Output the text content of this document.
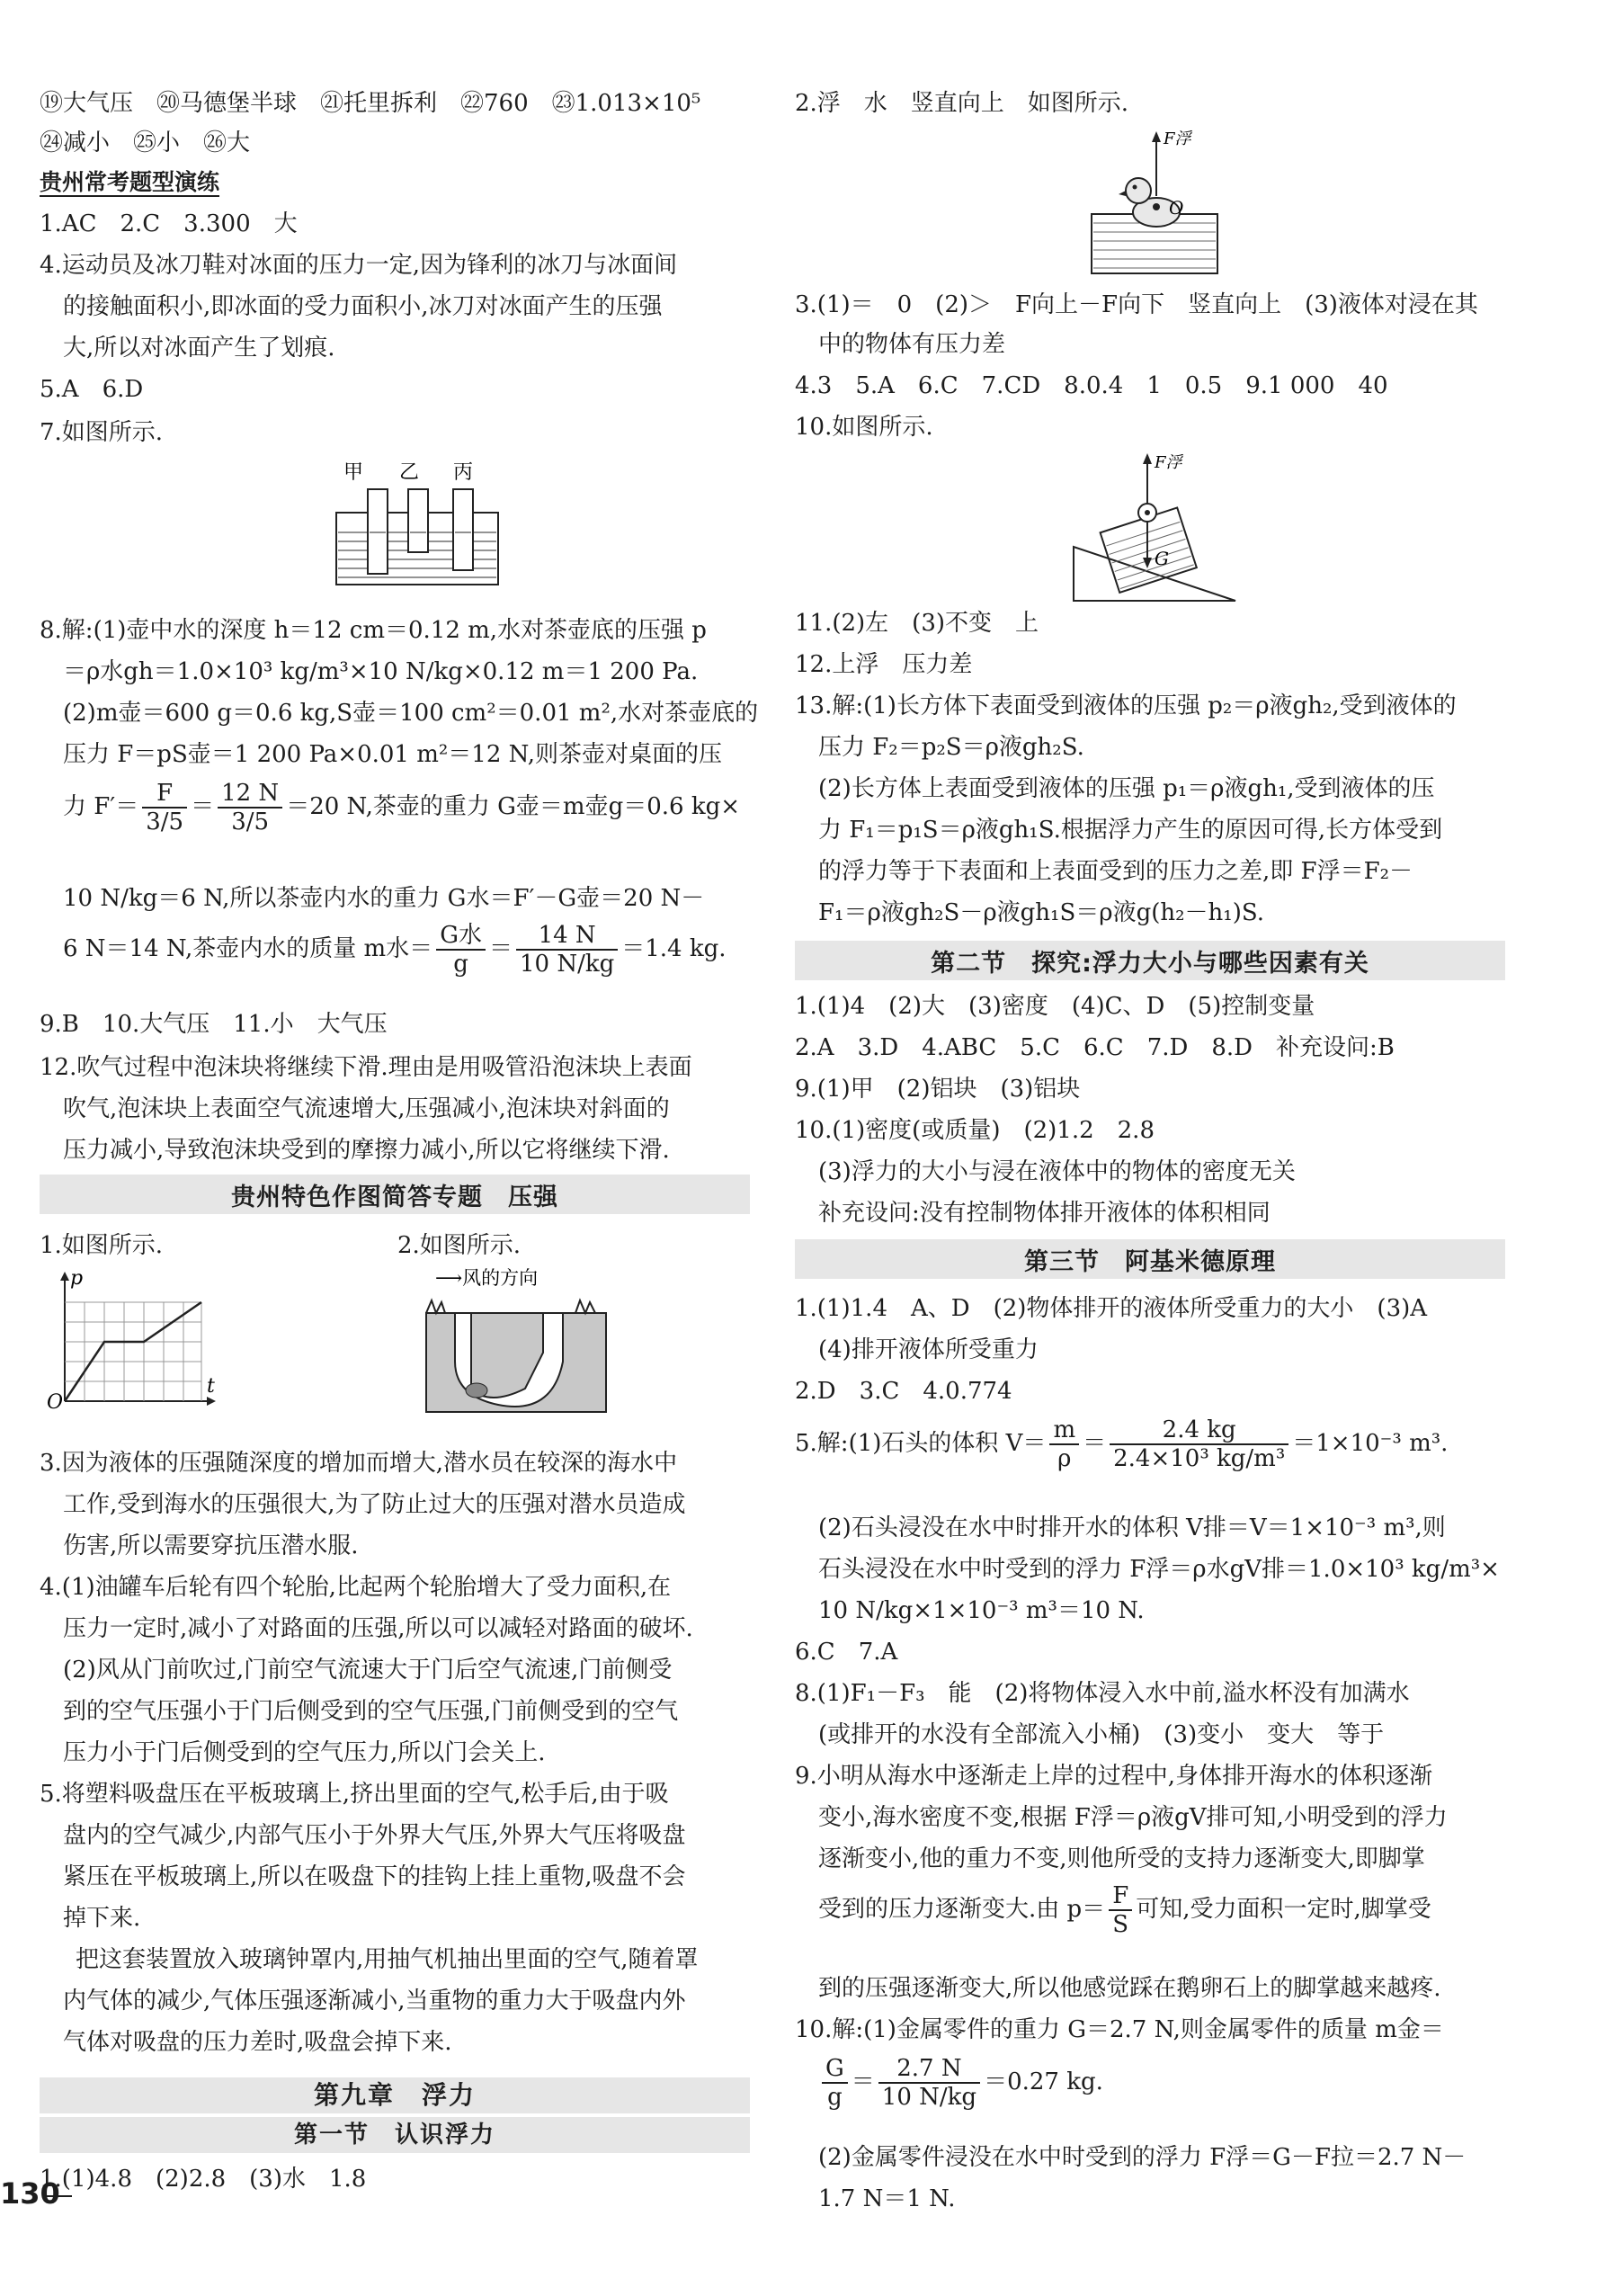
⑲大气压　⑳马德堡半球　㉑托里拆利　㉒760　㉓1.013×10⁵
㉔减小　㉕小　㉖大
贵州常考题型演练
1.AC　2.C　3.300　大
4.运动员及冰刀鞋对冰面的压力一定,因为锋利的冰刀与冰面间
的接触面积小,即冰面的受力面积小,冰刀对冰面产生的压强
大,所以对冰面产生了划痕.
5.A　6.D
7.如图所示.
甲 乙 丙
8.解:(1)壶中水的深度 h＝12 cm＝0.12 m,水对茶壶底的压强 p
＝ρ水gh＝1.0×10³ kg/m³×10 N/kg×0.12 m＝1 200 Pa.
(2)m壶＝600 g＝0.6 kg,S壶＝100 cm²＝0.01 m²,水对茶壶底的
压力 F＝pS壶＝1 200 Pa×0.01 m²＝12 N,则茶壶对桌面的压
力 $F'= \frac{F}{3/5} = \frac{12 N}{3/5} =20$ N,茶壶的重力 G壶＝m壶g＝0.6 kg×
10 N/kg＝6 N,所以茶壶内水的重力 G水＝F′－G壶＝20 N－
6 N＝14 N,茶壶内水的质量 m水＝ $\frac{\text{G水}}{g} = \frac{14 N}{10 N/kg} =1.4$ kg.
9.B　10.大气压　11.小　大气压
12.吹气过程中泡沫块将继续下滑.理由是用吸管沿泡沫块上表面
吹气,泡沫块上表面空气流速增大,压强减小,泡沫块对斜面的
压力减小,导致泡沫块受到的摩擦力减小,所以它将继续下滑.
贵州特色作图简答专题　压强
1.如图所示.	2.如图所示.
p
t
O
⟶风的方向
3.因为液体的压强随深度的增加而增大,潜水员在较深的海水中
工作,受到海水的压强很大,为了防止过大的压强对潜水员造成
伤害,所以需要穿抗压潜水服.
4.(1)油罐车后轮有四个轮胎,比起两个轮胎增大了受力面积,在
压力一定时,减小了对路面的压强,所以可以减轻对路面的破坏.
(2)风从门前吹过,门前空气流速大于门后空气流速,门前侧受
到的空气压强小于门后侧受到的空气压强,门前侧受到的空气
压力小于门后侧受到的空气压力,所以门会关上.
5.将塑料吸盘压在平板玻璃上,挤出里面的空气,松手后,由于吸
盘内的空气减少,内部气压小于外界大气压,外界大气压将吸盘
紧压在平板玻璃上,所以在吸盘下的挂钩上挂上重物,吸盘不会
掉下来.
把这套装置放入玻璃钟罩内,用抽气机抽出里面的空气,随着罩
内气体的减少,气体压强逐渐减小,当重物的重力大于吸盘内外
气体对吸盘的压力差时,吸盘会掉下来.
第九章　浮力
第一节　认识浮力
1.(1)4.8　(2)2.8　(3)水　1.8
130
2.浮　水　竖直向上　如图所示.
F浮
O
3.(1)＝　0　(2)＞　F向上－F向下　竖直向上　(3)液体对浸在其
中的物体有压力差
4.3　5.A　6.C　7.CD　8.0.4　1　0.5　9.1 000　40
10.如图所示.
F浮
G
11.(2)左　(3)不变　上
12.上浮　压力差
13.解:(1)长方体下表面受到液体的压强 p₂＝ρ液gh₂,受到液体的
压力 F₂＝p₂S＝ρ液gh₂S.
(2)长方体上表面受到液体的压强 p₁＝ρ液gh₁,受到液体的压
力 F₁＝p₁S＝ρ液gh₁S.根据浮力产生的原因可得,长方体受到
的浮力等于下表面和上表面受到的压力之差,即 F浮＝F₂－
F₁＝ρ液gh₂S－ρ液gh₁S＝ρ液g(h₂－h₁)S.
第二节　探究:浮力大小与哪些因素有关
1.(1)4　(2)大　(3)密度　(4)C、D　(5)控制变量
2.A　3.D　4.ABC　5.C　6.C　7.D　8.D　补充设问:B
9.(1)甲　(2)铝块　(3)铝块
10.(1)密度(或质量)　(2)1.2　2.8
(3)浮力的大小与浸在液体中的物体的密度无关
补充设问:没有控制物体排开液体的体积相同
第三节　阿基米德原理
1.(1)1.4　A、D　(2)物体排开的液体所受重力的大小　(3)A
(4)排开液体所受重力
2.D　3.C　4.0.774
5.解:(1)石头的体积 $V= \frac{m}{\rho} = \frac{2.4 kg}{\text{2.4×10³ kg/m³}} =1\times 10^{-3}$ m³.
(2)石头浸没在水中时排开水的体积 V排＝V＝1×10⁻³ m³,则
石头浸没在水中时受到的浮力 F浮＝ρ水gV排＝1.0×10³ kg/m³×
10 N/kg×1×10⁻³ m³＝10 N.
6.C　7.A
8.(1)F₁－F₃　能　(2)将物体浸入水中前,溢水杯没有加满水
(或排开的水没有全部流入小桶)　(3)变小　变大　等于
9.小明从海水中逐渐走上岸的过程中,身体排开海水的体积逐渐
变小,海水密度不变,根据 F浮＝ρ液gV排可知,小明受到的浮力
逐渐变小,他的重力不变,则他所受的支持力逐渐变大,即脚掌
受到的压力逐渐变大.由 $p= \frac{F}{S}$ 可知,受力面积一定时,脚掌受
到的压强逐渐变大,所以他感觉踩在鹅卵石上的脚掌越来越疼.
10.解:(1)金属零件的重力 G＝2.7 N,则金属零件的质量 m金＝
$\frac{G}{g} = \frac{2.7 N}{10 N/kg} =0.27$ kg.
(2)金属零件浸没在水中时受到的浮力 F浮＝G－F拉＝2.7 N－
1.7 N＝1 N.
